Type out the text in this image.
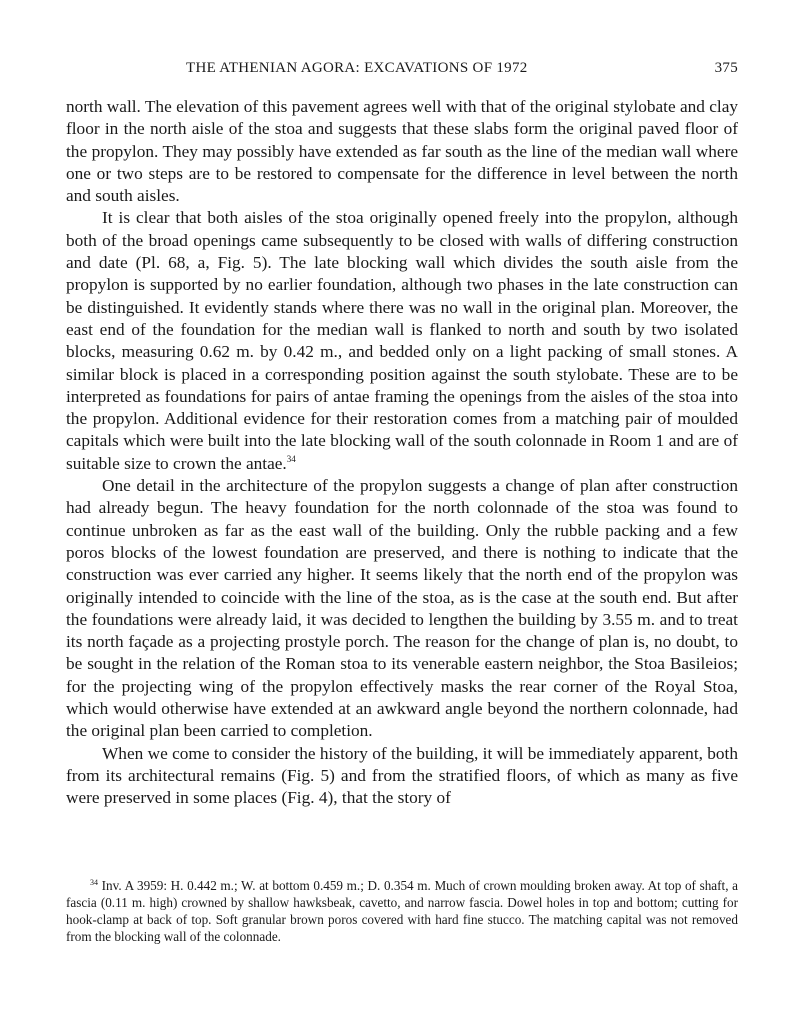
THE ATHENIAN AGORA: EXCAVATIONS OF 1972	375

north wall. The elevation of this pavement agrees well with that of the original stylobate and clay floor in the north aisle of the stoa and suggests that these slabs form the original paved floor of the propylon. They may possibly have extended as far south as the line of the median wall where one or two steps are to be restored to compensate for the difference in level between the north and south aisles.

It is clear that both aisles of the stoa originally opened freely into the propylon, although both of the broad openings came subsequently to be closed with walls of differing construction and date (Pl. 68, a, Fig. 5). The late blocking wall which divides the south aisle from the propylon is supported by no earlier foundation, although two phases in the late construction can be distinguished. It evidently stands where there was no wall in the original plan. Moreover, the east end of the foundation for the median wall is flanked to north and south by two isolated blocks, measuring 0.62 m. by 0.42 m., and bedded only on a light packing of small stones. A similar block is placed in a corresponding position against the south stylobate. These are to be interpreted as foundations for pairs of antae framing the openings from the aisles of the stoa into the propylon. Additional evidence for their restoration comes from a matching pair of moulded capitals which were built into the late blocking wall of the south colonnade in Room 1 and are of suitable size to crown the antae.$^{34}$

One detail in the architecture of the propylon suggests a change of plan after construction had already begun. The heavy foundation for the north colonnade of the stoa was found to continue unbroken as far as the east wall of the building. Only the rubble packing and a few poros blocks of the lowest foundation are preserved, and there is nothing to indicate that the construction was ever carried any higher. It seems likely that the north end of the propylon was originally intended to coincide with the line of the stoa, as is the case at the south end. But after the foundations were already laid, it was decided to lengthen the building by 3.55 m. and to treat its north façade as a projecting prostyle porch. The reason for the change of plan is, no doubt, to be sought in the relation of the Roman stoa to its venerable eastern neighbor, the Stoa Basileios; for the projecting wing of the propylon effectively masks the rear corner of the Royal Stoa, which would otherwise have extended at an awkward angle beyond the northern colonnade, had the original plan been carried to completion.

When we come to consider the history of the building, it will be immediately apparent, both from its architectural remains (Fig. 5) and from the stratified floors, of which as many as five were preserved in some places (Fig. 4), that the story of

$^{34}$ Inv. A 3959: H. 0.442 m.; W. at bottom 0.459 m.; D. 0.354 m. Much of crown moulding broken away. At top of shaft, a fascia (0.11 m. high) crowned by shallow hawksbeak, cavetto, and narrow fascia. Dowel holes in top and bottom; cutting for hook-clamp at back of top. Soft granular brown poros covered with hard fine stucco. The matching capital was not removed from the blocking wall of the colonnade.
